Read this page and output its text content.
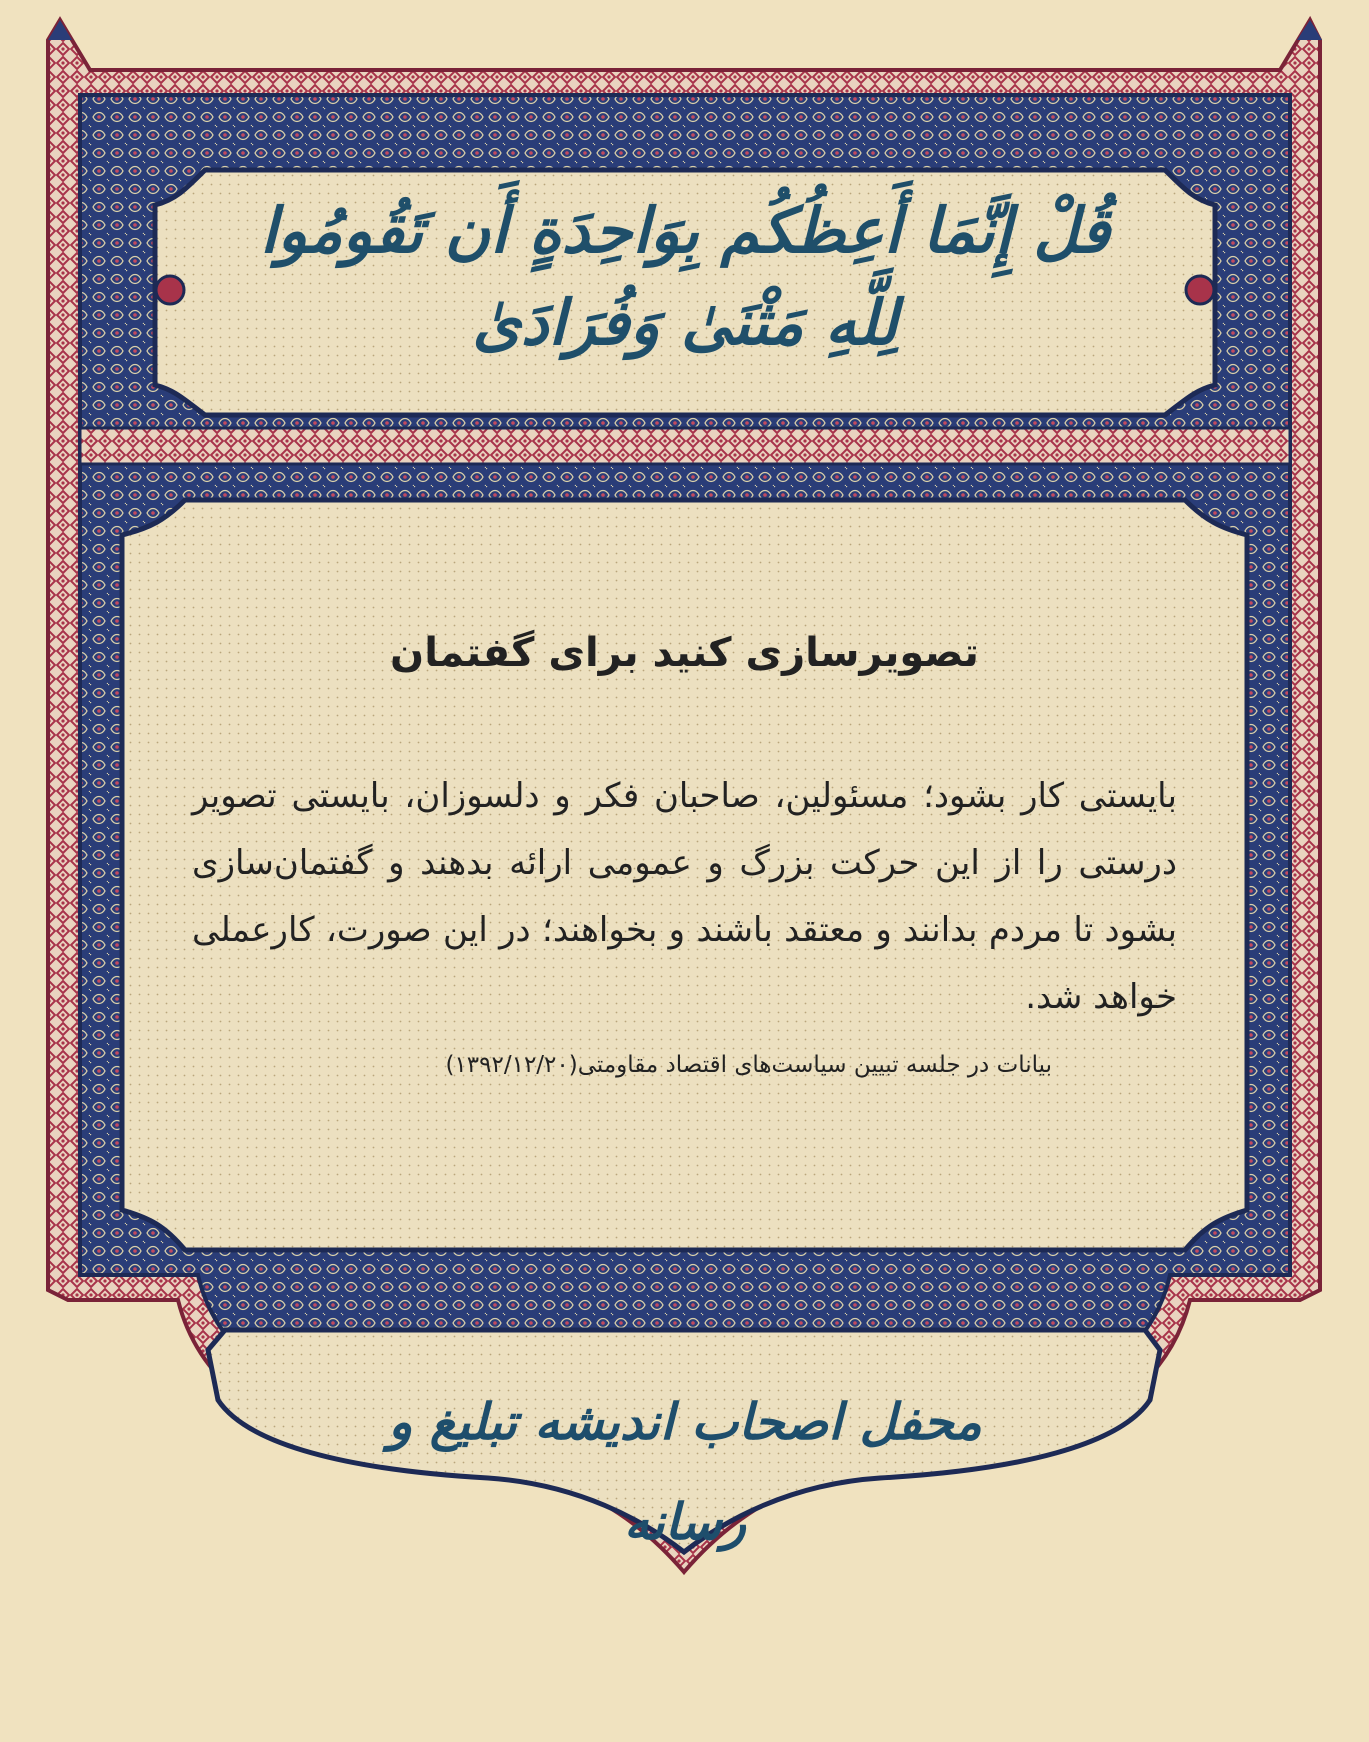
قُلْ إِنَّمَا أَعِظُكُم بِوَاحِدَةٍ أَن تَقُومُوا لِلَّهِ مَثْنَىٰ وَفُرَادَىٰ
تصویرسازی کنید برای گفتمان
بایستی کار بشود؛ مسئولین، صاحبان فکر و دلسوزان، بایستی تصویر درستی را از این حرکت بزرگ و عمومی ارائه بدهند و گفتمان‌سازی بشود تا مردم بدانند و معتقد باشند و بخواهند؛ در این صورت، کارعملی خواهد شد.
بیانات در جلسه تبیین سیاست‌های اقتصاد مقاومتی(۱۳۹۲/۱۲/۲۰)
محفل اصحاب اندیشه تبلیغ و رسانه
